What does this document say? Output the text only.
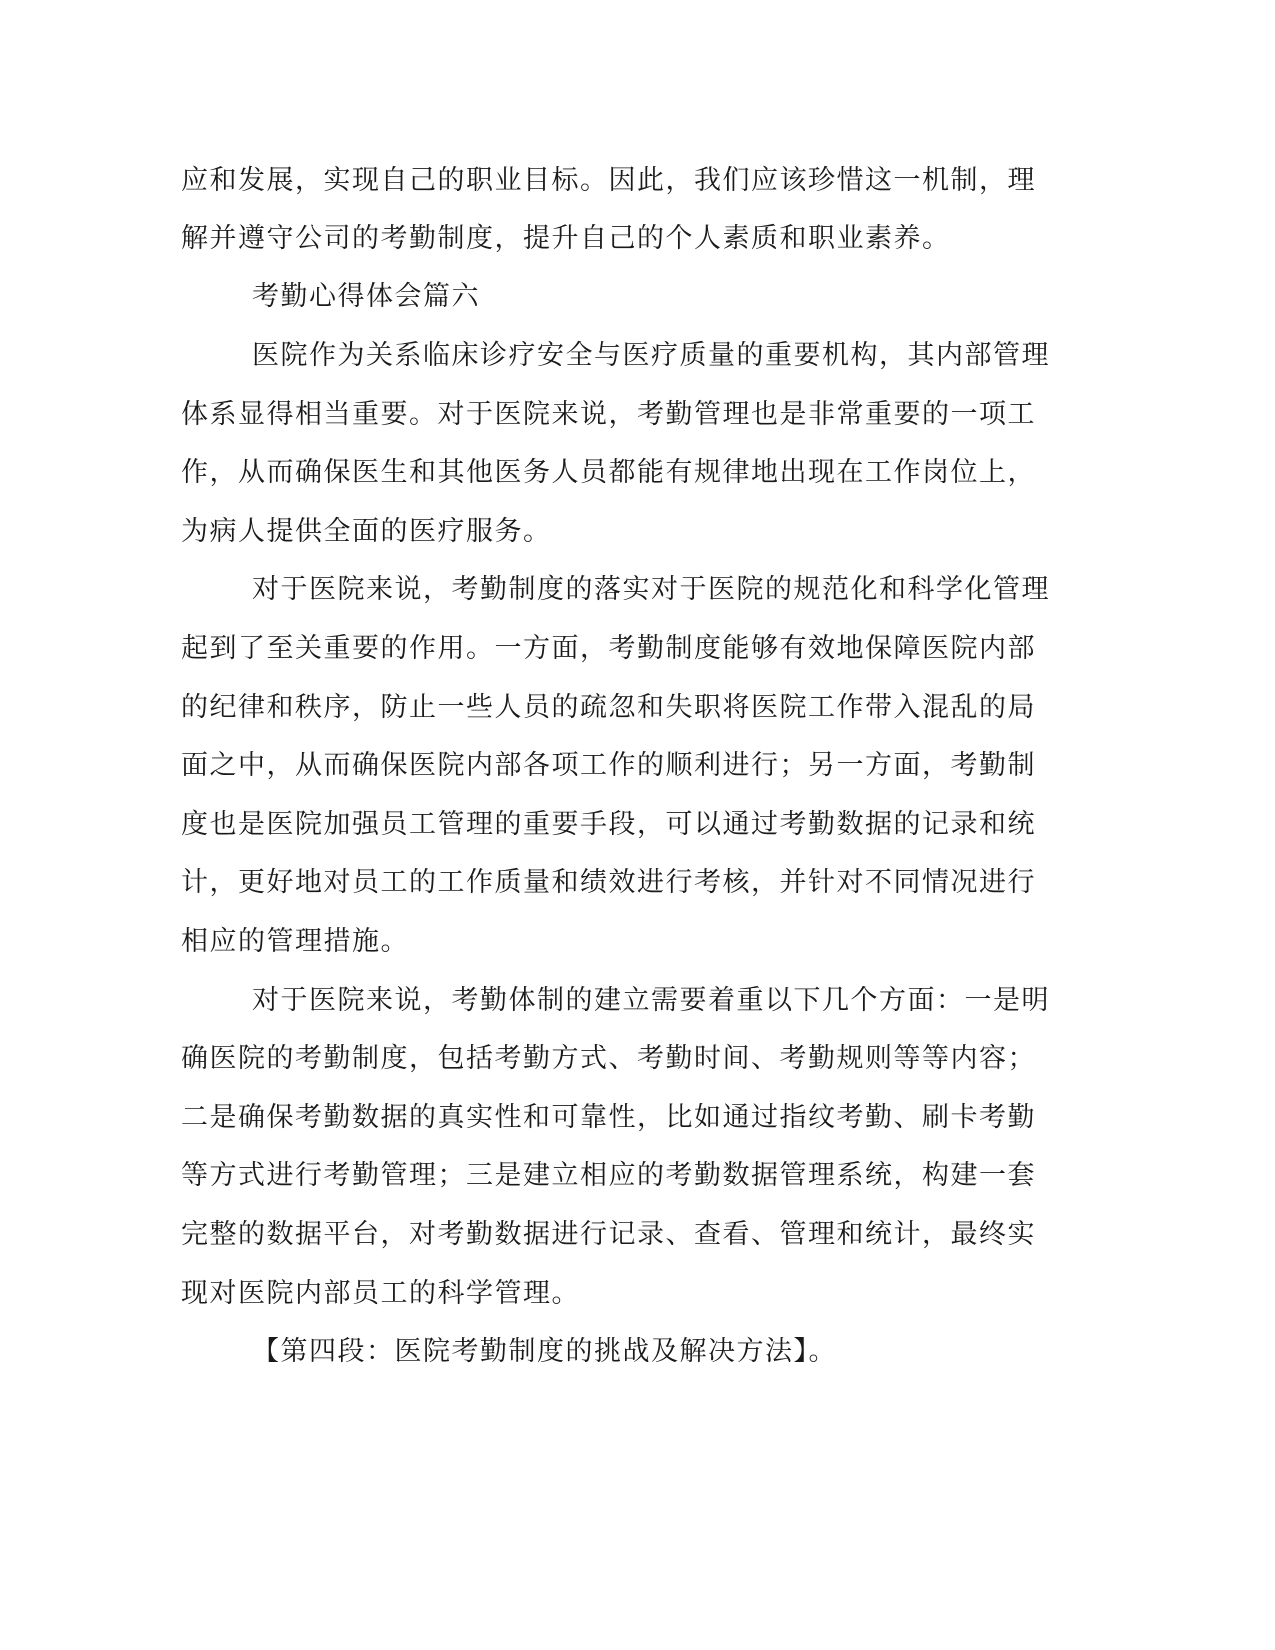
应和发展，实现自己的职业目标。因此，我们应该珍惜这一机制，理
解并遵守公司的考勤制度，提升自己的个人素质和职业素养。
考勤心得体会篇六
医院作为关系临床诊疗安全与医疗质量的重要机构，其内部管理
体系显得相当重要。对于医院来说，考勤管理也是非常重要的一项工
作，从而确保医生和其他医务人员都能有规律地出现在工作岗位上，
为病人提供全面的医疗服务。
对于医院来说，考勤制度的落实对于医院的规范化和科学化管理
起到了至关重要的作用。一方面，考勤制度能够有效地保障医院内部
的纪律和秩序，防止一些人员的疏忽和失职将医院工作带入混乱的局
面之中，从而确保医院内部各项工作的顺利进行；另一方面，考勤制
度也是医院加强员工管理的重要手段，可以通过考勤数据的记录和统
计，更好地对员工的工作质量和绩效进行考核，并针对不同情况进行
相应的管理措施。
对于医院来说，考勤体制的建立需要着重以下几个方面：一是明
确医院的考勤制度，包括考勤方式、考勤时间、考勤规则等等内容；
二是确保考勤数据的真实性和可靠性，比如通过指纹考勤、刷卡考勤
等方式进行考勤管理；三是建立相应的考勤数据管理系统，构建一套
完整的数据平台，对考勤数据进行记录、查看、管理和统计，最终实
现对医院内部员工的科学管理。
【第四段：医院考勤制度的挑战及解决方法】。
